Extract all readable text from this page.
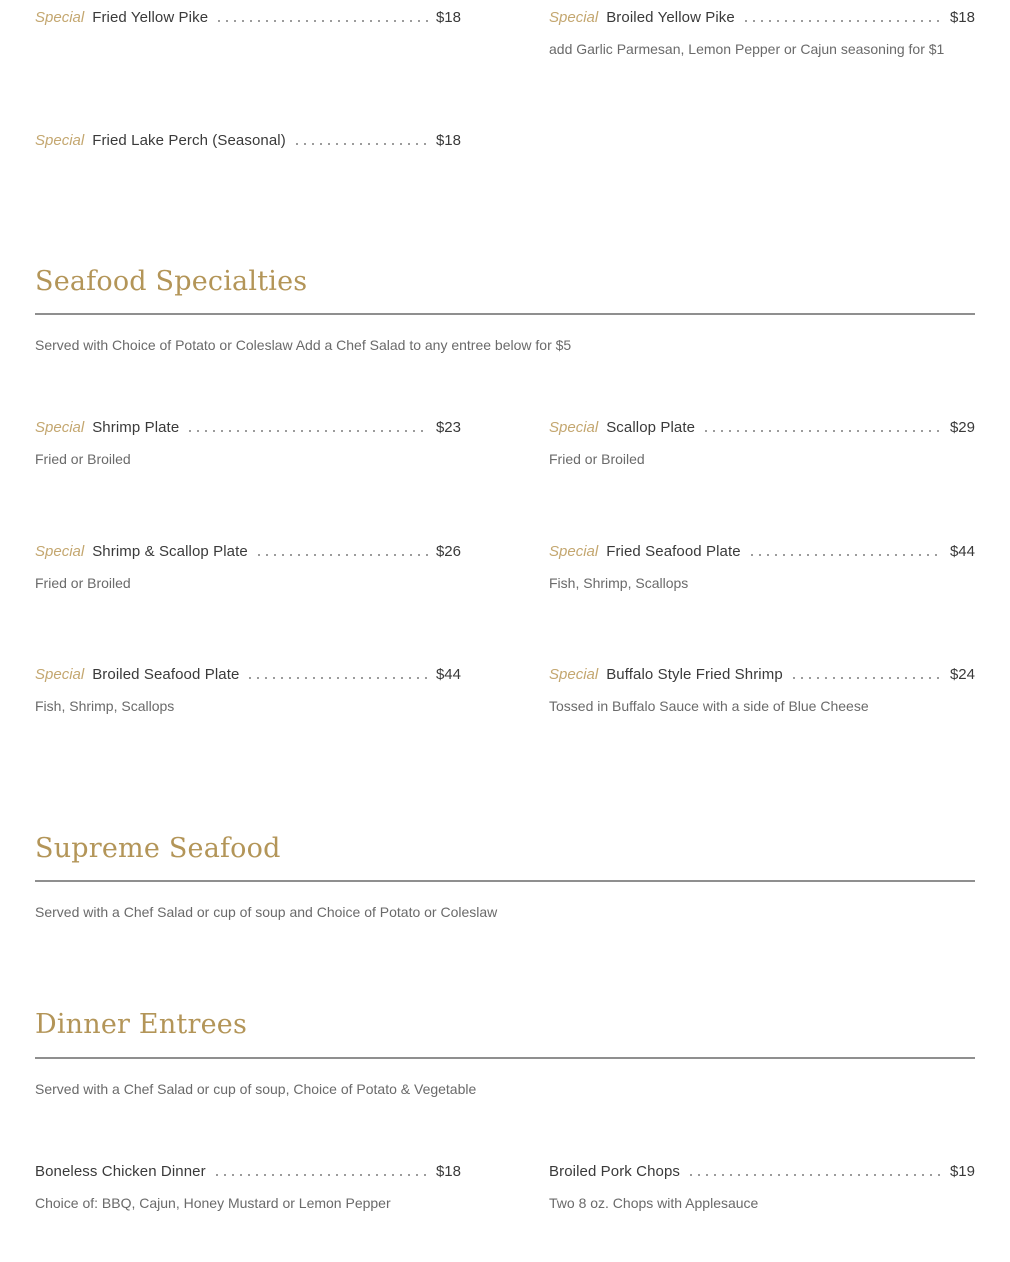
Special Fried Yellow Pike	$18	Special Broiled Yellow Pike	$18
add Garlic Parmesan, Lemon Pepper or Cajun seasoning for $1
Special Fried Lake Perch (Seasonal)	$18
Seafood Specialties
Served with Choice of Potato or Coleslaw Add a Chef Salad to any entree below for $5
Special Shrimp Plate	$23
Fried or Broiled
Special Scallop Plate	$29
Fried or Broiled
Special Shrimp & Scallop Plate	$26
Fried or Broiled
Special Fried Seafood Plate	$44
Fish, Shrimp, Scallops
Special Broiled Seafood Plate	$44
Fish, Shrimp, Scallops
Special Buffalo Style Fried Shrimp	$24
Tossed in Buffalo Sauce with a side of Blue Cheese
Supreme Seafood
Served with a Chef Salad or cup of soup and Choice of Potato or Coleslaw
Dinner Entrees
Served with a Chef Salad or cup of soup, Choice of Potato & Vegetable
Boneless Chicken Dinner	$18
Choice of: BBQ, Cajun, Honey Mustard or Lemon Pepper
Broiled Pork Chops	$19
Two 8 oz. Chops with Applesauce
